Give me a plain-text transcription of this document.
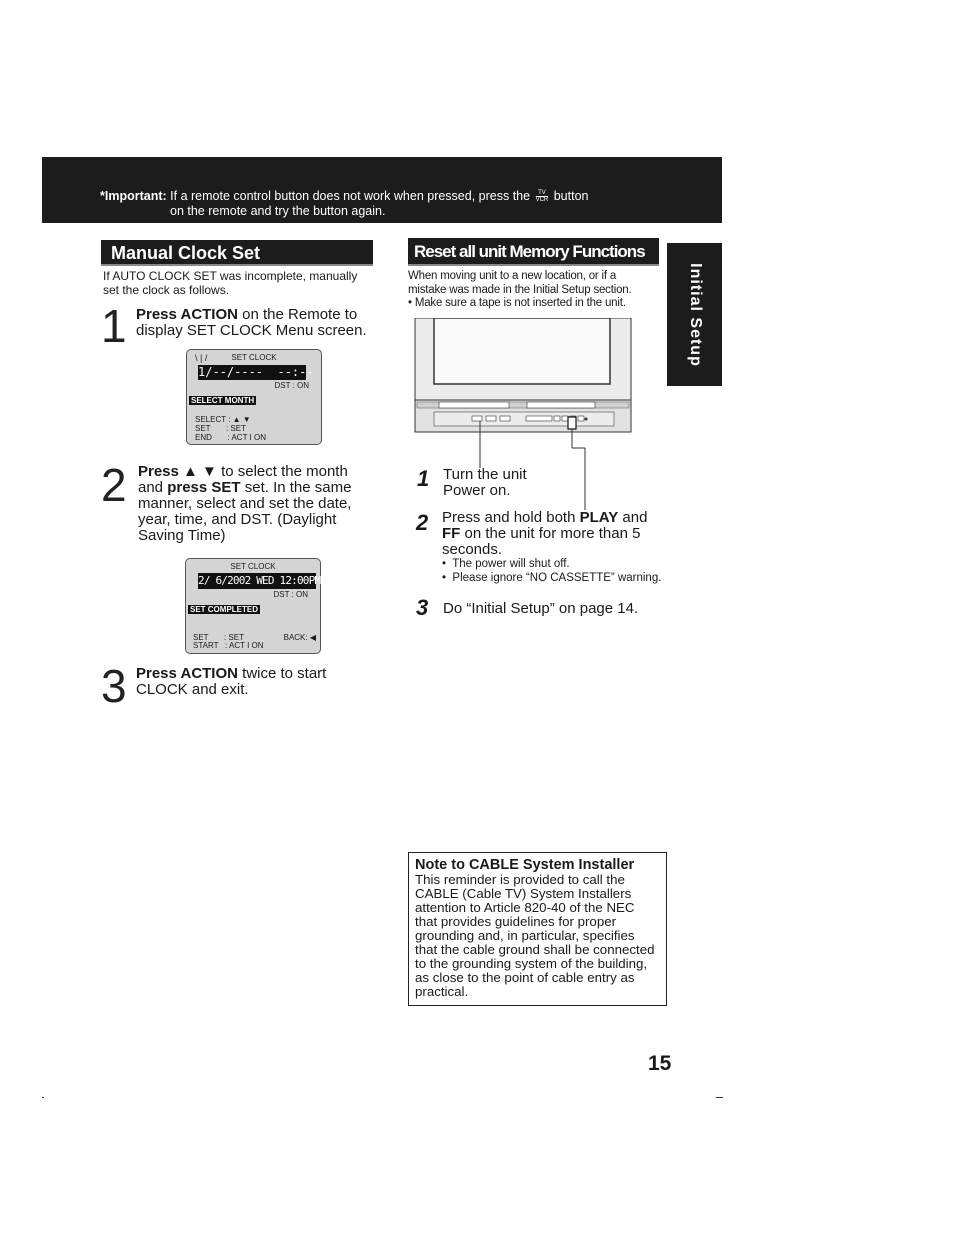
*Important: If a remote control button does not work when pressed, press the	TV
VCR button
on the remote and try the button again.
Initial Setup
Manual Clock Set
If AUTO CLOCK SET was incomplete, manually set the clock as follows.
1 Press ACTION on the Remote to display SET CLOCK Menu screen.
SET CLOCK
\ | /
1/--/----  --:--
DST : ON
SELECT MONTH
SELECT : ▲ ▼
SET       : SET
END       : ACT I ON
2 Press ▲ ▼ to select the month and press SET set. In the same manner, select and set the date, year, time, and DST. (Daylight Saving Time)
SET CLOCK
2/ 6/2002 WED 12:00PM
DST : ON
SET COMPLETED
SET       : SET
START   : ACT I ON
BACK: ◀
3 Press ACTION twice to start CLOCK and exit.
Reset all unit Memory Functions
When moving unit to a new location, or if a mistake was made in the Initial Setup section.
• Make sure a tape is not inserted in the unit.
1 Turn the unit Power on.
2 Press and hold both PLAY and FF on the unit for more than 5 seconds.
•  The power will shut off.
•  Please ignore “NO CASSETTE” warning.
3 Do “Initial Setup” on page 14.
Note to CABLE System Installer

This reminder is provided to call the CABLE (Cable TV) System Installers attention to Article 820-40 of the NEC that provides guidelines for proper grounding and, in particular, specifies that the cable ground shall be connected to the grounding system of the building, as close to the point of cable entry as practical.

15
